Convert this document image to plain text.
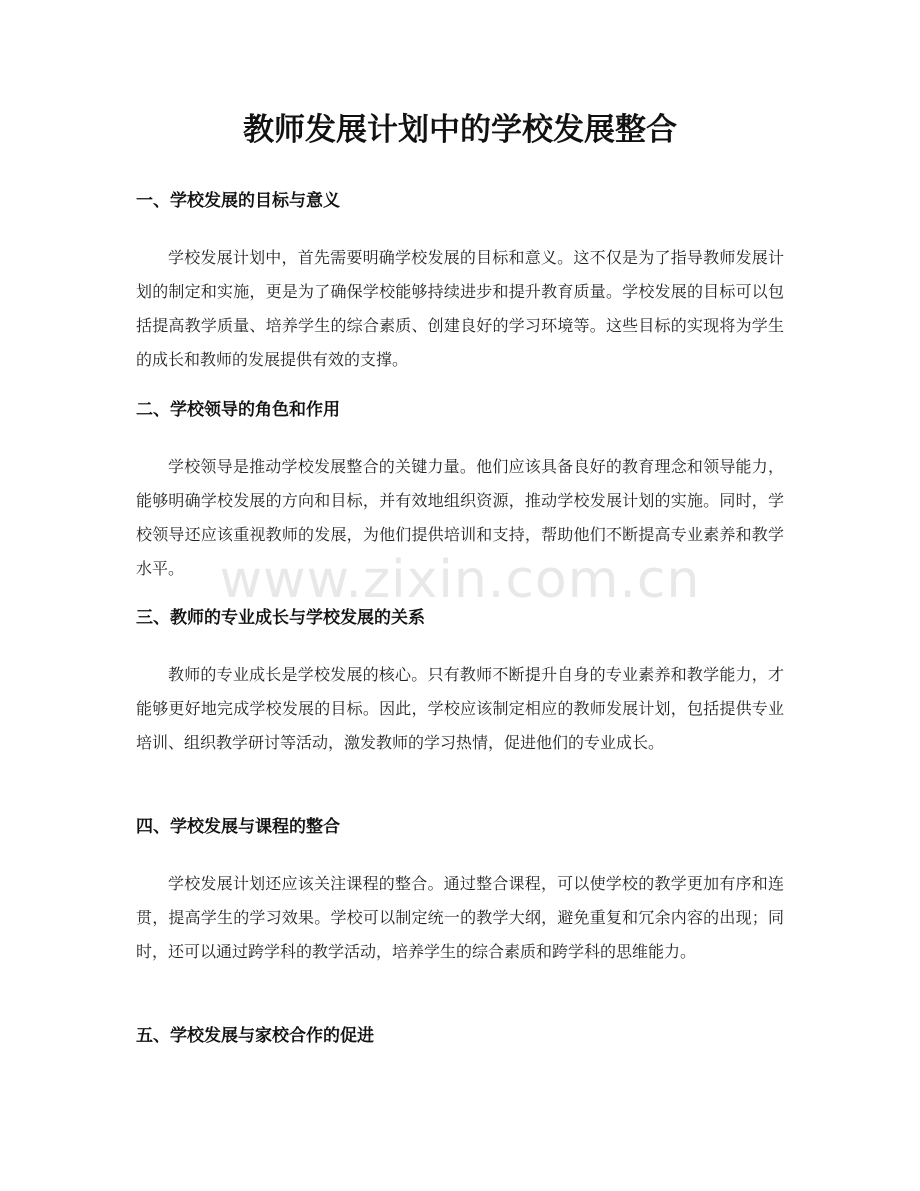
教师发展计划中的学校发展整合
一、学校发展的目标与意义

学校发展计划中，首先需要明确学校发展的目标和意义。这不仅是为了指导教师发展计划的制定和实施，更是为了确保学校能够持续进步和提升教育质量。学校发展的目标可以包括提高教学质量、培养学生的综合素质、创建良好的学习环境等。这些目标的实现将为学生的成长和教师的发展提供有效的支撑。

二、学校领导的角色和作用

学校领导是推动学校发展整合的关键力量。他们应该具备良好的教育理念和领导能力，能够明确学校发展的方向和目标，并有效地组织资源，推动学校发展计划的实施。同时，学校领导还应该重视教师的发展，为他们提供培训和支持，帮助他们不断提高专业素养和教学水平。

三、教师的专业成长与学校发展的关系

教师的专业成长是学校发展的核心。只有教师不断提升自身的专业素养和教学能力，才能够更好地完成学校发展的目标。因此，学校应该制定相应的教师发展计划，包括提供专业培训、组织教学研讨等活动，激发教师的学习热情，促进他们的专业成长。

四、学校发展与课程的整合

学校发展计划还应该关注课程的整合。通过整合课程，可以使学校的教学更加有序和连贯，提高学生的学习效果。学校可以制定统一的教学大纲，避免重复和冗余内容的出现；同时，还可以通过跨学科的教学活动，培养学生的综合素质和跨学科的思维能力。

五、学校发展与家校合作的促进
www.zixin.com.cn
